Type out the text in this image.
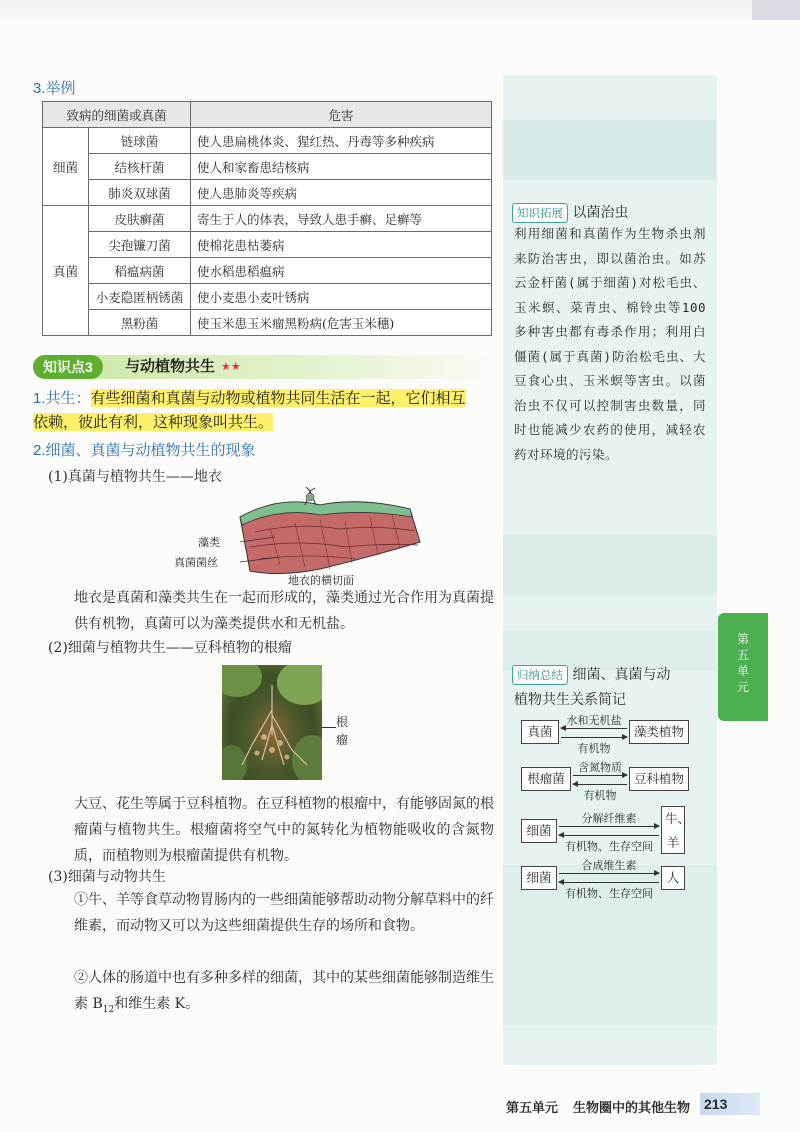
3.举例
致病的细菌或真菌		危害
细菌	链球菌	使人患扁桃体炎、猩红热、丹毒等多种疾病
	结核杆菌	使人和家畜患结核病
	肺炎双球菌	使人患肺炎等疾病
真菌	皮肤癣菌	寄生于人的体表，导致人患手癣、足癣等
	尖孢镰刀菌	使棉花患枯萎病
	稻瘟病菌	使水稻患稻瘟病
	小麦隐匿柄锈菌	使小麦患小麦叶锈病
	黑粉菌	使玉米患玉米瘤黑粉病(危害玉米穗)
知识点3	与动植物共生 ★★
1.共生：有些细菌和真菌与动物或植物共同生活在一起，它们相互
依赖，彼此有利，这种现象叫共生。
2.细菌、真菌与动植物共生的现象
(1)真菌与植物共生——地衣
藻类
真菌菌丝
地衣的横切面
地衣是真菌和藻类共生在一起而形成的，藻类通过光合作用为真菌提供有机物，真菌可以为藻类提供水和无机盐。
(2)细菌与植物共生——豆科植物的根瘤
根瘤
大豆、花生等属于豆科植物。在豆科植物的根瘤中，有能够固氮的根瘤菌与植物共生。根瘤菌将空气中的氮转化为植物能吸收的含氮物质，而植物则为根瘤菌提供有机物。
(3)细菌与动物共生
①牛、羊等食草动物胃肠内的一些细菌能够帮助动物分解草料中的纤维素，而动物又可以为这些细菌提供生存的场所和食物。
②人体的肠道中也有多种多样的细菌，其中的某些细菌能够制造维生素 $B_{12}$和维生素 K。
知识拓展 以菌治虫
利用细菌和真菌作为生物杀虫剂来防治害虫，即以菌治虫。如苏云金杆菌(属于细菌)对松毛虫、玉米螟、菜青虫、棉铃虫等100多种害虫都有毒杀作用；利用白僵菌(属于真菌)防治松毛虫、大豆食心虫、玉米螟等害虫。以菌治虫不仅可以控制害虫数量，同时也能减少农药的使用，减轻农药对环境的污染。
归纳总结 细菌、真菌与动
植物共生关系简记
真菌	藻类植物
水和无机盐
有机物
根瘤菌	豆科植物
含氮物质
有机物
细菌
牛、羊
分解纤维素
有机物、生存空间
细菌	人
合成维生素
有机物、生存空间
第五单元
第五单元 生物圈中的其他生物 213
